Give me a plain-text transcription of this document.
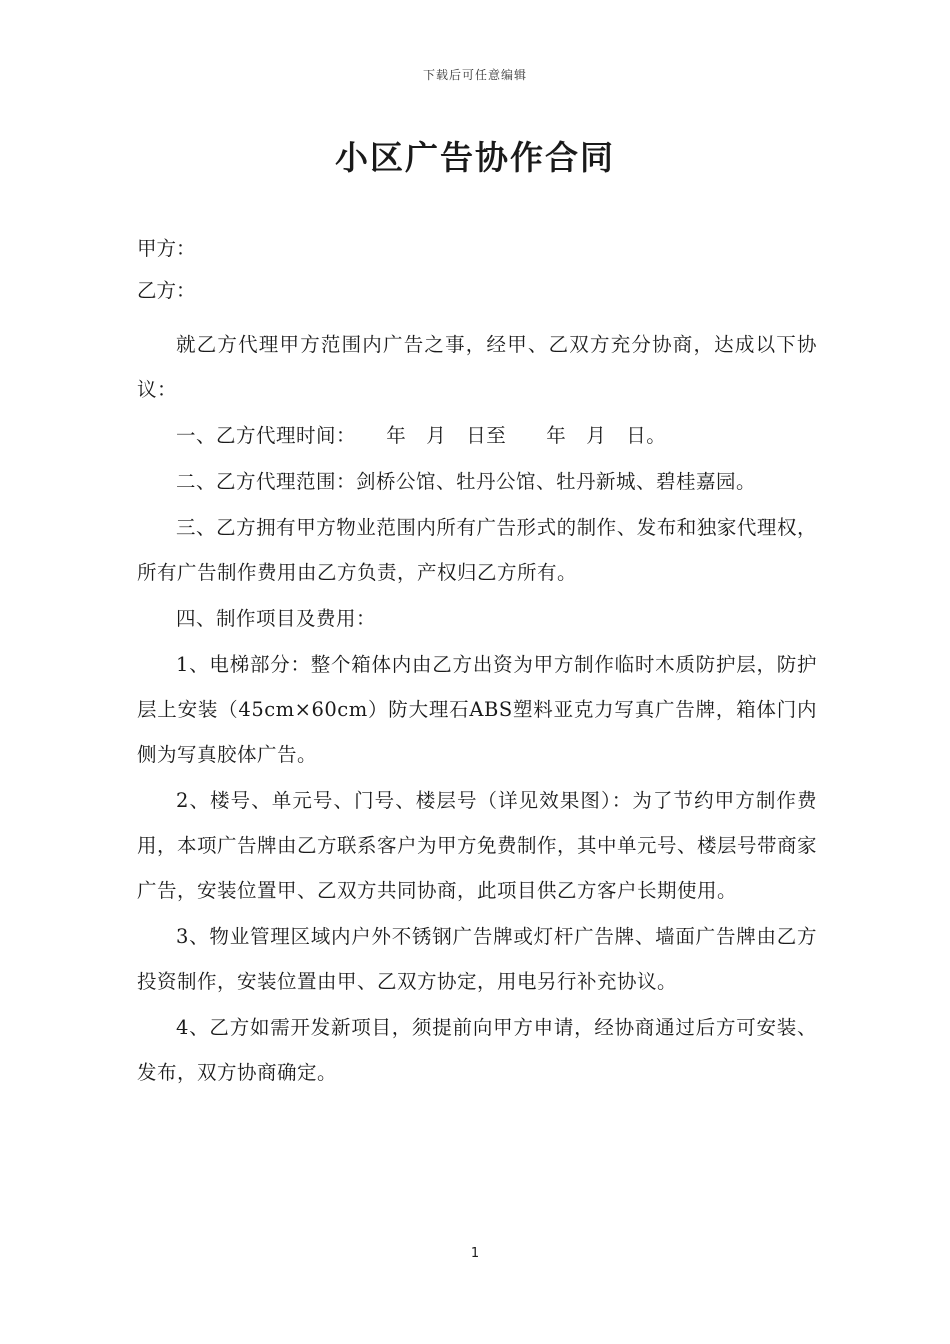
下载后可任意编辑
小区广告协作合同

甲方：

乙方：

就乙方代理甲方范围内广告之事，经甲、乙双方充分协商，达成以下协议：

一、乙方代理时间：　　年　月　日至　　年　月　日。

二、乙方代理范围：剑桥公馆、牡丹公馆、牡丹新城、碧桂嘉园。

三、乙方拥有甲方物业范围内所有广告形式的制作、发布和独家代理权，所有广告制作费用由乙方负责，产权归乙方所有。

四、制作项目及费用：

1、电梯部分：整个箱体内由乙方出资为甲方制作临时木质防护层，防护层上安装（45cm×60cm）防大理石ABS塑料亚克力写真广告牌，箱体门内侧为写真胶体广告。

2、楼号、单元号、门号、楼层号（详见效果图）：为了节约甲方制作费用，本项广告牌由乙方联系客户为甲方免费制作，其中单元号、楼层号带商家广告，安装位置甲、乙双方共同协商，此项目供乙方客户长期使用。

3、物业管理区域内户外不锈钢广告牌或灯杆广告牌、墙面广告牌由乙方投资制作，安装位置由甲、乙双方协定，用电另行补充协议。

4、乙方如需开发新项目，须提前向甲方申请，经协商通过后方可安装、发布，双方协商确定。

1
